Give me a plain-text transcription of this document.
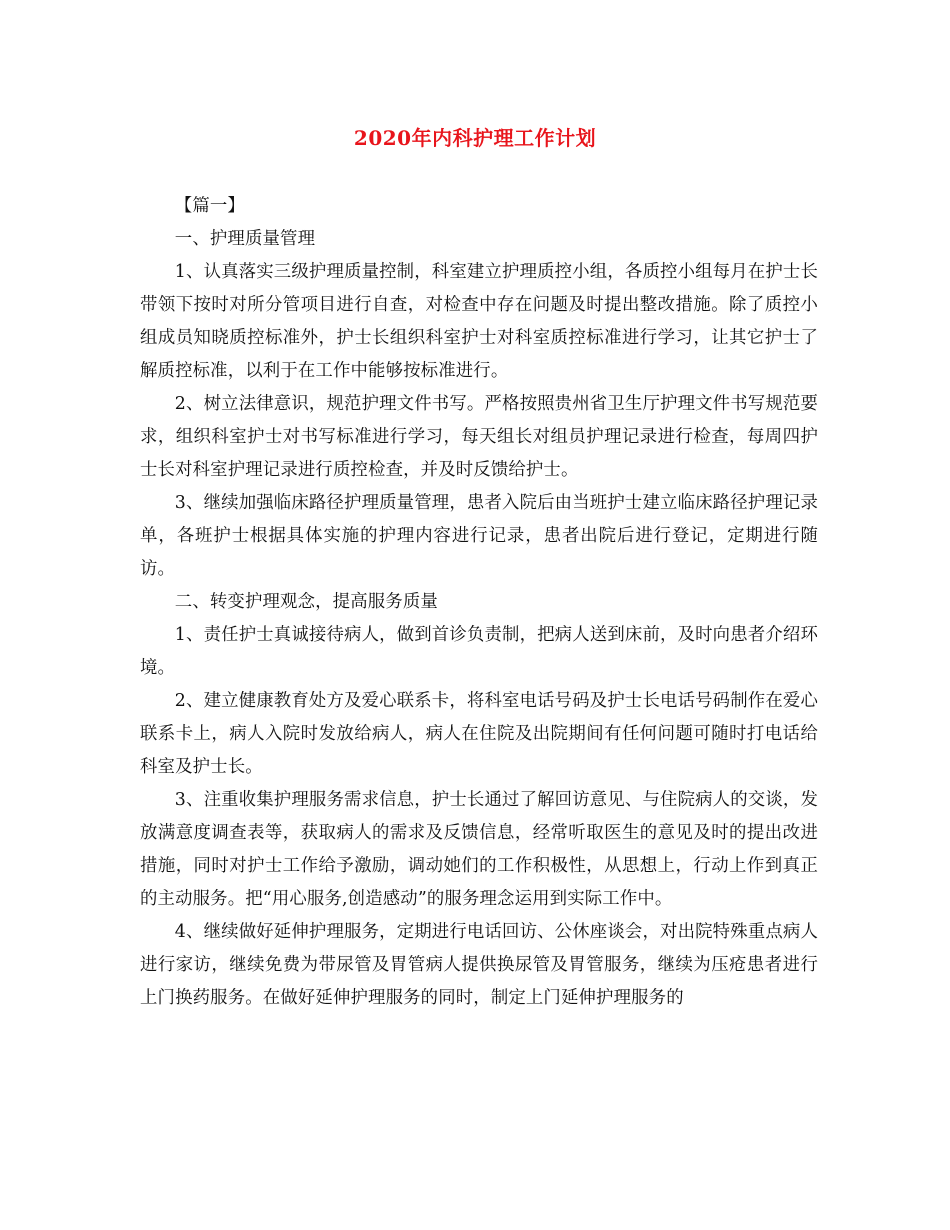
2020年内科护理工作计划

【篇一】

一、护理质量管理

1、认真落实三级护理质量控制，科室建立护理质控小组，各质控小组每月在护士长带领下按时对所分管项目进行自查，对检查中存在问题及时提出整改措施。除了质控小组成员知晓质控标准外，护士长组织科室护士对科室质控标准进行学习，让其它护士了解质控标准，以利于在工作中能够按标准进行。

2、树立法律意识，规范护理文件书写。严格按照贵州省卫生厅护理文件书写规范要求，组织科室护士对书写标准进行学习，每天组长对组员护理记录进行检查，每周四护士长对科室护理记录进行质控检查，并及时反馈给护士。

3、继续加强临床路径护理质量管理，患者入院后由当班护士建立临床路径护理记录单，各班护士根据具体实施的护理内容进行记录，患者出院后进行登记，定期进行随访。

二、转变护理观念，提高服务质量

1、责任护士真诚接待病人，做到首诊负责制，把病人送到床前，及时向患者介绍环境。

2、建立健康教育处方及爱心联系卡，将科室电话号码及护士长电话号码制作在爱心联系卡上，病人入院时发放给病人，病人在住院及出院期间有任何问题可随时打电话给科室及护士长。

3、注重收集护理服务需求信息，护士长通过了解回访意见、与住院病人的交谈，发放满意度调查表等，获取病人的需求及反馈信息，经常听取医生的意见及时的提出改进措施，同时对护士工作给予激励，调动她们的工作积极性，从思想上，行动上作到真正的主动服务。把“用心服务,创造感动”的服务理念运用到实际工作中。

4、继续做好延伸护理服务，定期进行电话回访、公休座谈会，对出院特殊重点病人进行家访，继续免费为带尿管及胃管病人提供换尿管及胃管服务，继续为压疮患者进行上门换药服务。在做好延伸护理服务的同时，制定上门延伸护理服务的
